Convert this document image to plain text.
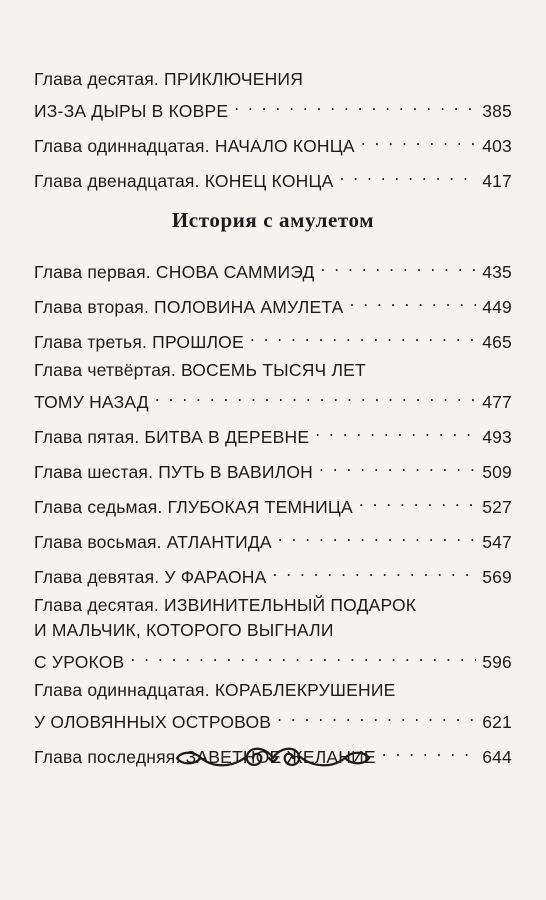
Глава десятая. ПРИКЛЮЧЕНИЯ
ИЗ-ЗА ДЫРЫ В КОВРЕ . . .	385
Глава одиннадцатая. НАЧАЛО КОНЦА . . .	403
Глава двенадцатая. КОНЕЦ КОНЦА . . .	417
История с амулетом
Глава первая. СНОВА САММИЭД . . .	435
Глава вторая. ПОЛОВИНА АМУЛЕТА . . .	449
Глава третья. ПРОШЛОЕ . . .	465
Глава четвёртая. ВОСЕМЬ ТЫСЯЧ ЛЕТ
ТОМУ НАЗАД . . .	477
Глава пятая. БИТВА В ДЕРЕВНЕ . . .	493
Глава шестая. ПУТЬ В ВАВИЛОН . . .	509
Глава седьмая. ГЛУБОКАЯ ТЕМНИЦА . . .	527
Глава восьмая. АТЛАНТИДА . . .	547
Глава девятая. У ФАРАОНА . . .	569
Глава десятая. ИЗВИНИТЕЛЬНЫЙ ПОДАРОК
И МАЛЬЧИК, КОТОРОГО ВЫГНАЛИ
С УРОКОВ . . .	596
Глава одиннадцатая. КОРАБЛЕКРУШЕНИЕ
У ОЛОВЯННЫХ ОСТРОВОВ . . .	621
Глава последняя. ЗАВЕТНОЕ ЖЕЛАНИЕ . . .	644
